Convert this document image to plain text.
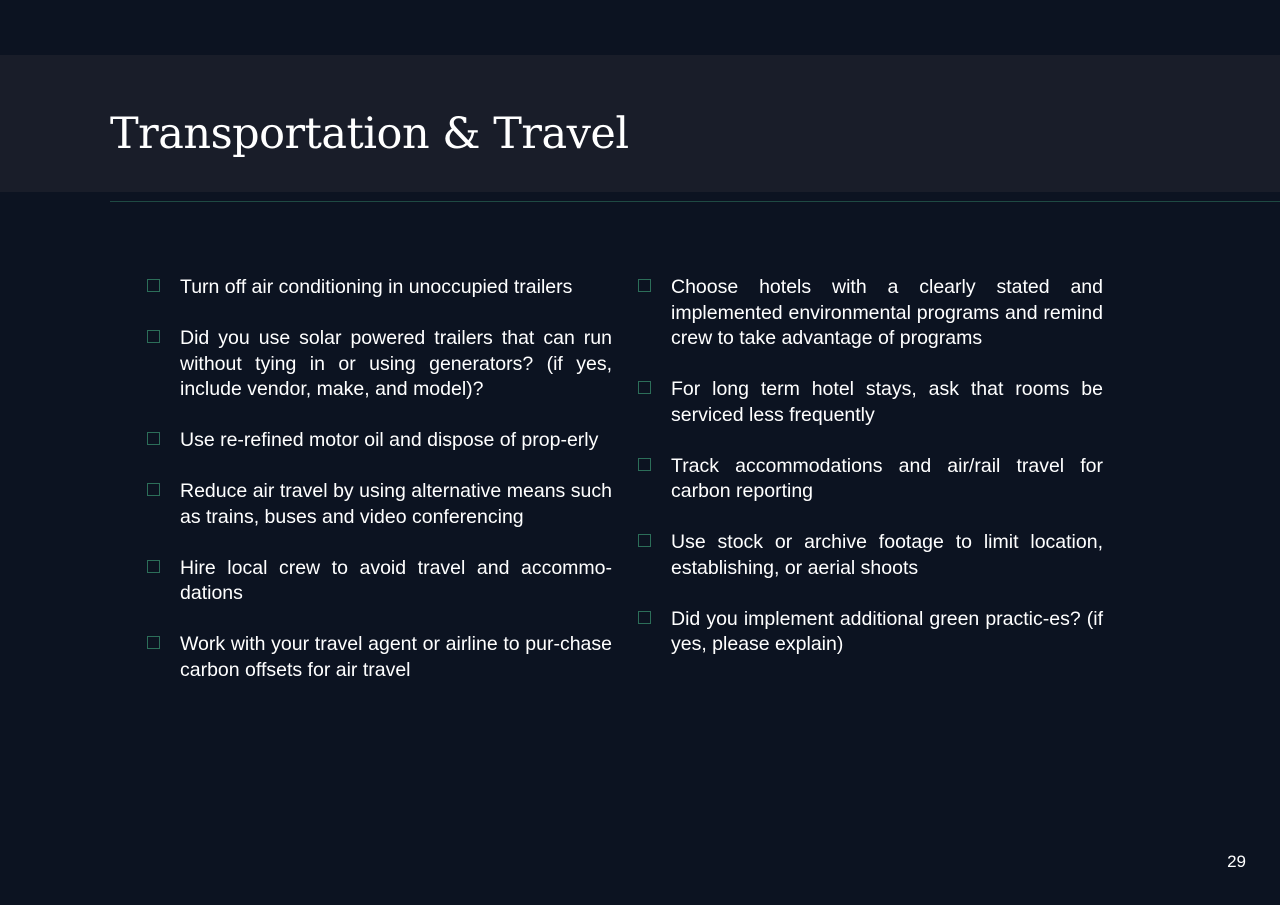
Transportation & Travel
Turn off air conditioning in unoccupied trailers
Did you use solar powered trailers that can run without tying in or using generators? (if yes, include vendor, make, and model)?
Use re-refined motor oil and dispose of prop-erly
Reduce air travel by using alternative means such as trains, buses and video conferencing
Hire local crew to avoid travel and accommo-dations
Work with your travel agent or airline to pur-chase carbon offsets for air travel
Choose hotels with a clearly stated and implemented environmental programs and remind crew to take advantage of programs
For long term hotel stays, ask that rooms be serviced less frequently
Track accommodations and air/rail travel for carbon reporting
Use stock or archive footage to limit location, establishing, or aerial shoots
Did you implement additional green practic-es? (if yes, please explain)
29
